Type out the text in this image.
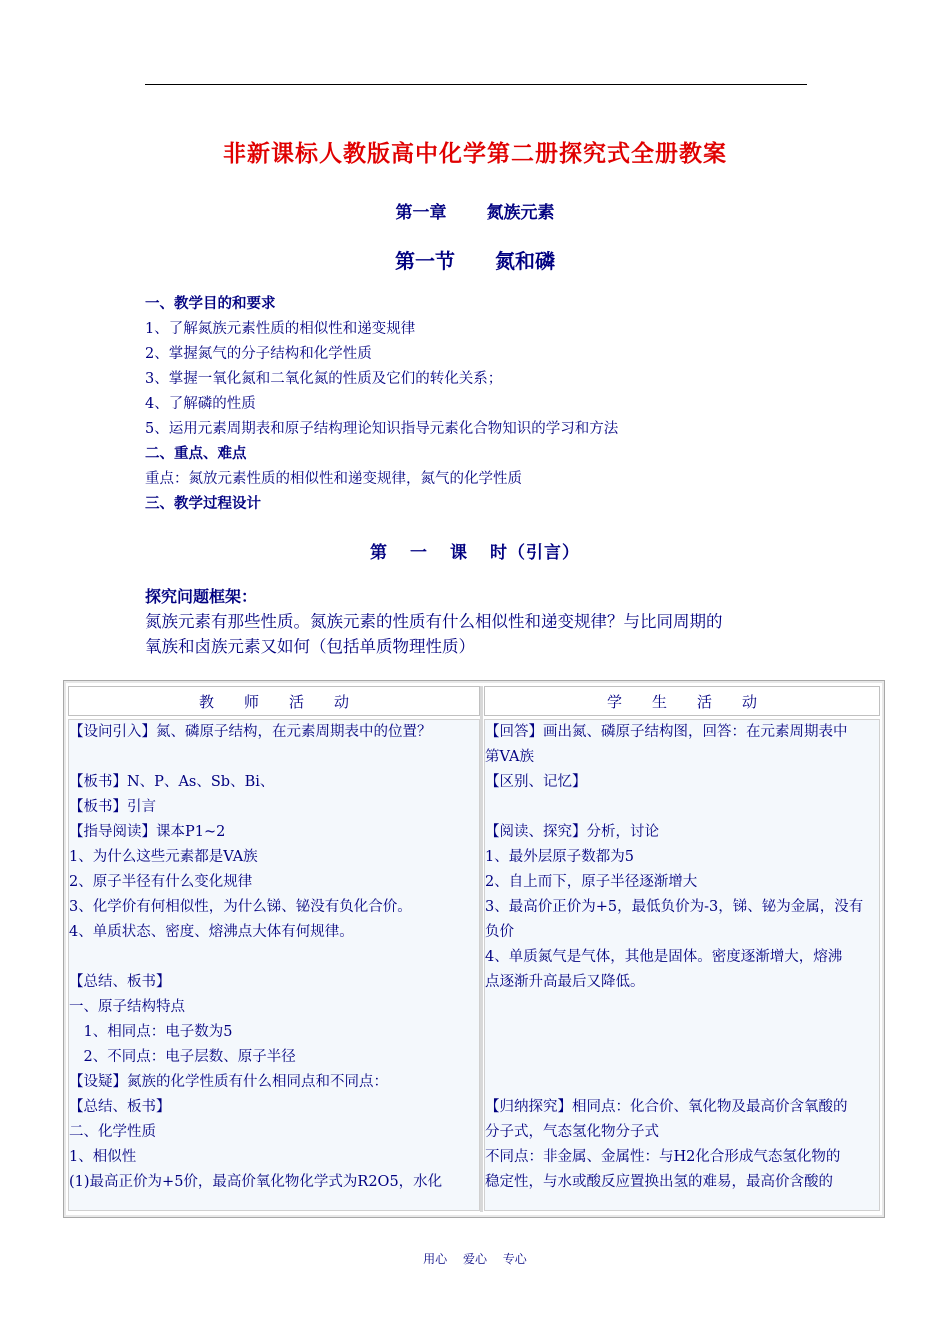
非新课标人教版高中化学第二册探究式全册教案
第一章 氮族元素
第一节 氮和磷
一、教学目的和要求
1、了解氮族元素性质的相似性和递变规律
2、掌握氮气的分子结构和化学性质
3、掌握一氧化氮和二氧化氮的性质及它们的转化关系；
4、了解磷的性质
5、运用元素周期表和原子结构理论知识指导元素化合物知识的学习和方法
二、重点、难点
重点：氮放元素性质的相似性和递变规律，氮气的化学性质
三、教学过程设计
第 一 课 时（引言）
探究问题框架：
氮族元素有那些性质。氮族元素的性质有什么相似性和递变规律？与比同周期的
氧族和卤族元素又如何（包括单质物理性质）
教　　师　　活　　动	学　　生　　活　　动
【设问引入】氮、磷原子结构，在元素周期表中的位置？
【板书】N、P、As、Sb、Bi、
【板书】引言
【指导阅读】课本P1~2
1、为什么这些元素都是VA族
2、原子半径有什么变化规律
3、化学价有何相似性，为什么锑、铋没有负化合价。
4、单质状态、密度、熔沸点大体有何规律。
【总结、板书】
一、原子结构特点
　1、相同点：电子数为5
　2、不同点：电子层数、原子半径
【设疑】氮族的化学性质有什么相同点和不同点：
【总结、板书】
二、化学性质
1、相似性
(1)最高正价为+5价，最高价氧化物化学式为R2O5，水化
【回答】画出氮、磷原子结构图，回答：在元素周期表中
第VA族
【区别、记忆】
【阅读、探究】分析，讨论
1、最外层原子数都为5
2、自上而下，原子半径逐渐增大
3、最高价正价为+5，最低负价为-3，锑、铋为金属，没有
负价
4、单质氮气是气体，其他是固体。密度逐渐增大，熔沸
点逐渐升高最后又降低。
【归纳探究】相同点：化合价、氧化物及最高价含氧酸的
分子式，气态氢化物分子式
不同点：非金属、金属性：与H2化合形成气态氢化物的
稳定性，与水或酸反应置换出氢的难易，最高价含酸的
用心 爱心 专心
